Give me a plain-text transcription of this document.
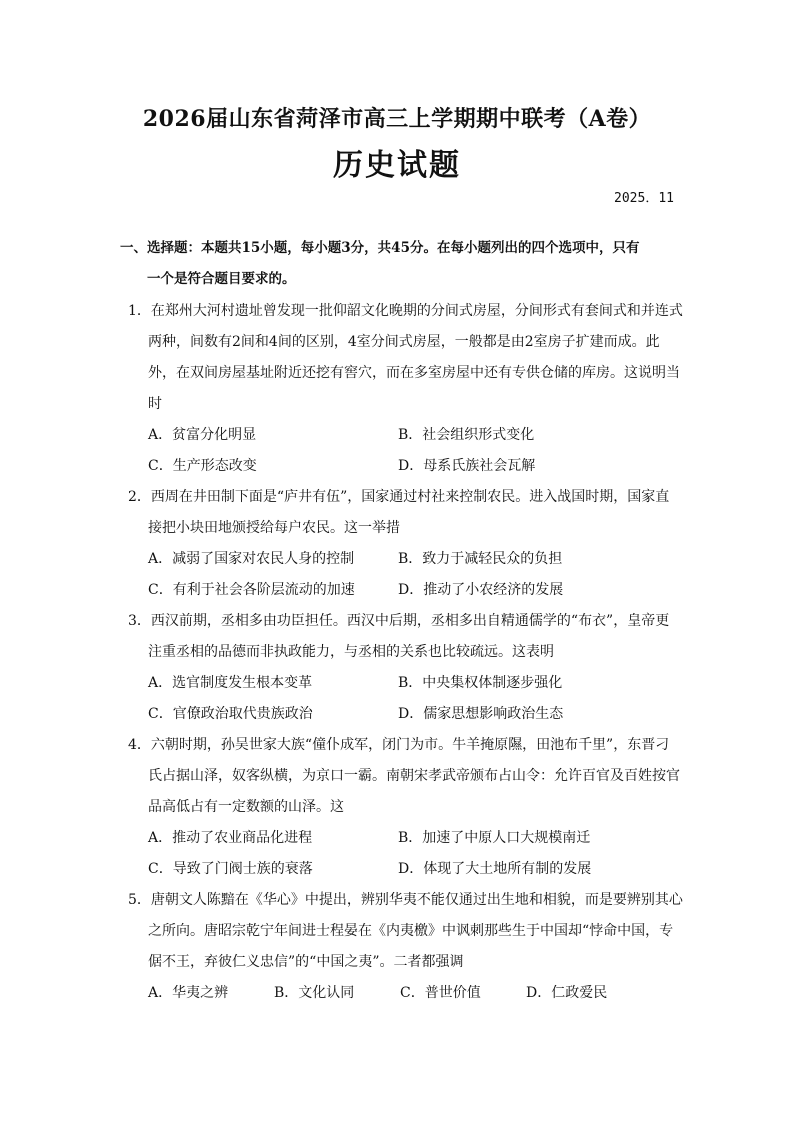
2026届山东省菏泽市高三上学期期中联考（A卷）
历史试题
2025．11
一、选择题：本题共15小题，每小题3分，共45分。在每小题列出的四个选项中，只有
一个是符合题目要求的。
1．在郑州大河村遗址曾发现一批仰韶文化晚期的分间式房屋，分间形式有套间式和并连式
两种，间数有2间和4间的区别，4室分间式房屋，一般都是由2室房子扩建而成。此
外，在双间房屋基址附近还挖有窖穴，而在多室房屋中还有专供仓储的库房。这说明当
时
A．贫富分化明显	B．社会组织形式变化
C．生产形态改变	D．母系氏族社会瓦解
2．西周在井田制下面是“庐井有伍”，国家通过村社来控制农民。进入战国时期，国家直
接把小块田地颁授给每户农民。这一举措
A．减弱了国家对农民人身的控制	B．致力于减轻民众的负担
C．有利于社会各阶层流动的加速	D．推动了小农经济的发展
3．西汉前期，丞相多由功臣担任。西汉中后期，丞相多出自精通儒学的“布衣”，皇帝更
注重丞相的品德而非执政能力，与丞相的关系也比较疏远。这表明
A．选官制度发生根本变革	B．中央集权体制逐步强化
C．官僚政治取代贵族政治	D．儒家思想影响政治生态
4．六朝时期，孙吴世家大族“僮仆成军，闭门为市。牛羊掩原隰，田池布千里”，东晋刁
氏占据山泽，奴客纵横，为京口一霸。南朝宋孝武帝颁布占山令：允许百官及百姓按官
品高低占有一定数额的山泽。这
A．推动了农业商品化进程	B．加速了中原人口大规模南迁
C．导致了门阀士族的衰落	D．体现了大土地所有制的发展
5．唐朝文人陈黯在《华心》中提出，辨别华夷不能仅通过出生地和相貌，而是要辨别其心
之所向。唐昭宗乾宁年间进士程晏在《内夷檄》中讽刺那些生于中国却“悖命中国，专
倨不王，弃彼仁义忠信”的“中国之夷”。二者都强调
A．华夷之辨	B．文化认同	C．普世价值	D．仁政爱民
